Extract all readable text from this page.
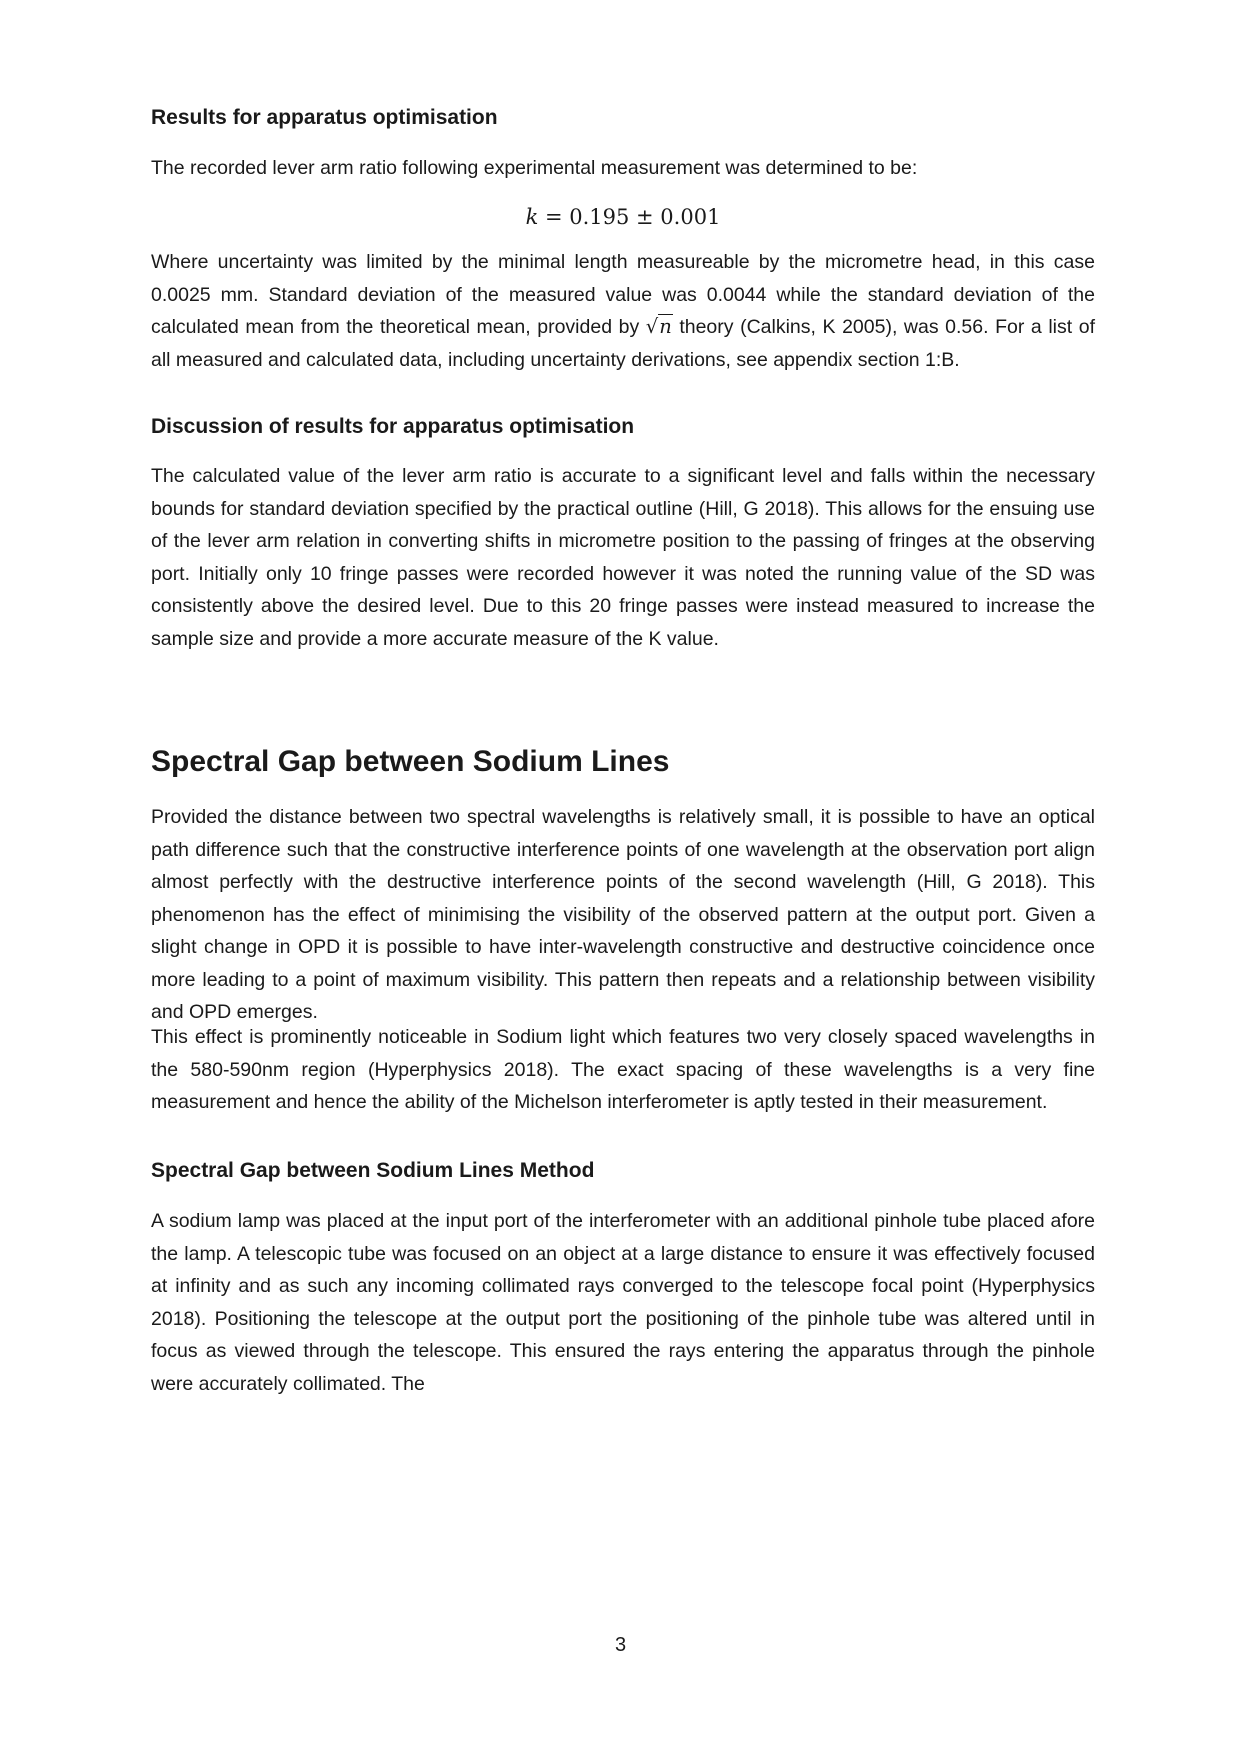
Results for apparatus optimisation

The recorded lever arm ratio following experimental measurement was determined to be:

k = 0.195 ± 0.001

Where uncertainty was limited by the minimal length measureable by the micrometre head, in this case 0.0025 mm. Standard deviation of the measured value was 0.0044 while the standard deviation of the calculated mean from the theoretical mean, provided by √n theory (Calkins, K 2005), was 0.56. For a list of all measured and calculated data, including uncertainty derivations, see appendix section 1:B.

Discussion of results for apparatus optimisation

The calculated value of the lever arm ratio is accurate to a significant level and falls within the necessary bounds for standard deviation specified by the practical outline (Hill, G 2018). This allows for the ensuing use of the lever arm relation in converting shifts in micrometre position to the passing of fringes at the observing port. Initially only 10 fringe passes were recorded however it was noted the running value of the SD was consistently above the desired level. Due to this 20 fringe passes were instead measured to increase the sample size and provide a more accurate measure of the K value.

Spectral Gap between Sodium Lines

Provided the distance between two spectral wavelengths is relatively small, it is possible to have an optical path difference such that the constructive interference points of one wavelength at the observation port align almost perfectly with the destructive interference points of the second wavelength (Hill, G 2018). This phenomenon has the effect of minimising the visibility of the observed pattern at the output port. Given a slight change in OPD it is possible to have inter-wavelength constructive and destructive coincidence once more leading to a point of maximum visibility. This pattern then repeats and a relationship between visibility and OPD emerges.

This effect is prominently noticeable in Sodium light which features two very closely spaced wavelengths in the 580-590nm region (Hyperphysics 2018). The exact spacing of these wavelengths is a very fine measurement and hence the ability of the Michelson interferometer is aptly tested in their measurement.

Spectral Gap between Sodium Lines Method

A sodium lamp was placed at the input port of the interferometer with an additional pinhole tube placed afore the lamp. A telescopic tube was focused on an object at a large distance to ensure it was effectively focused at infinity and as such any incoming collimated rays converged to the telescope focal point (Hyperphysics 2018). Positioning the telescope at the output port the positioning of the pinhole tube was altered until in focus as viewed through the telescope. This ensured the rays entering the apparatus through the pinhole were accurately collimated. The

3
